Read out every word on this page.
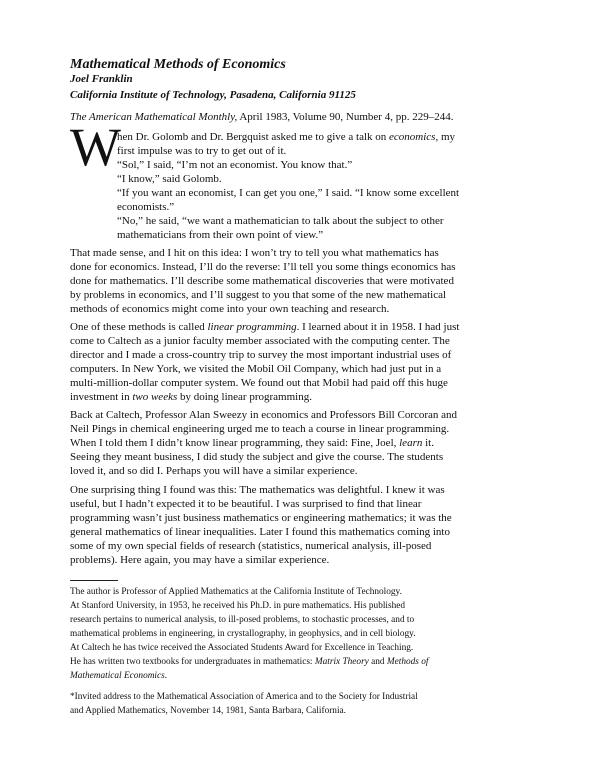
Mathematical Methods of Economics
Joel Franklin
California Institute of Technology, Pasadena, California 91125
The American Mathematical Monthly, April 1983, Volume 90, Number 4, pp. 229–244.
W
hen Dr. Golomb and Dr. Bergquist asked me to give a talk on economics, my
first impulse was to try to get out of it.
“Sol,” I said, “I’m not an economist. You know that.”
“I know,” said Golomb.
“If you want an economist, I can get you one,” I said. “I know some excellent
economists.”
“No,” he said, “we want a mathematician to talk about the subject to other
mathematicians from their own point of view.”
That made sense, and I hit on this idea: I won’t try to tell you what mathematics has
done for economics. Instead, I’ll do the reverse: I’ll tell you some things economics has
done for mathematics. I’ll describe some mathematical discoveries that were motivated
by problems in economics, and I’ll suggest to you that some of the new mathematical
methods of economics might come into your own teaching and research.
One of these methods is called linear programming. I learned about it in 1958. I had just
come to Caltech as a junior faculty member associated with the computing center. The
director and I made a cross-country trip to survey the most important industrial uses of
computers. In New York, we visited the Mobil Oil Company, which had just put in a
multi-million-dollar computer system. We found out that Mobil had paid off this huge
investment in two weeks by doing linear programming.
Back at Caltech, Professor Alan Sweezy in economics and Professors Bill Corcoran and
Neil Pings in chemical engineering urged me to teach a course in linear programming.
When I told them I didn’t know linear programming, they said: Fine, Joel, learn it.
Seeing they meant business, I did study the subject and give the course. The students
loved it, and so did I. Perhaps you will have a similar experience.
One surprising thing I found was this: The mathematics was delightful. I knew it was
useful, but I hadn’t expected it to be beautiful. I was surprised to find that linear
programming wasn’t just business mathematics or engineering mathematics; it was the
general mathematics of linear inequalities. Later I found this mathematics coming into
some of my own special fields of research (statistics, numerical analysis, ill-posed
problems). Here again, you may have a similar experience.
The author is Professor of Applied Mathematics at the California Institute of Technology.
At Stanford University, in 1953, he received his Ph.D. in pure mathematics. His published
research pertains to numerical analysis, to ill-posed problems, to stochastic processes, and to
mathematical problems in engineering, in crystallography, in geophysics, and in cell biology.
At Caltech he has twice received the Associated Students Award for Excellence in Teaching.
He has written two textbooks for undergraduates in mathematics: Matrix Theory and Methods of
Mathematical Economics.
*Invited address to the Mathematical Association of America and to the Society for Industrial
and Applied Mathematics, November 14, 1981, Santa Barbara, California.
